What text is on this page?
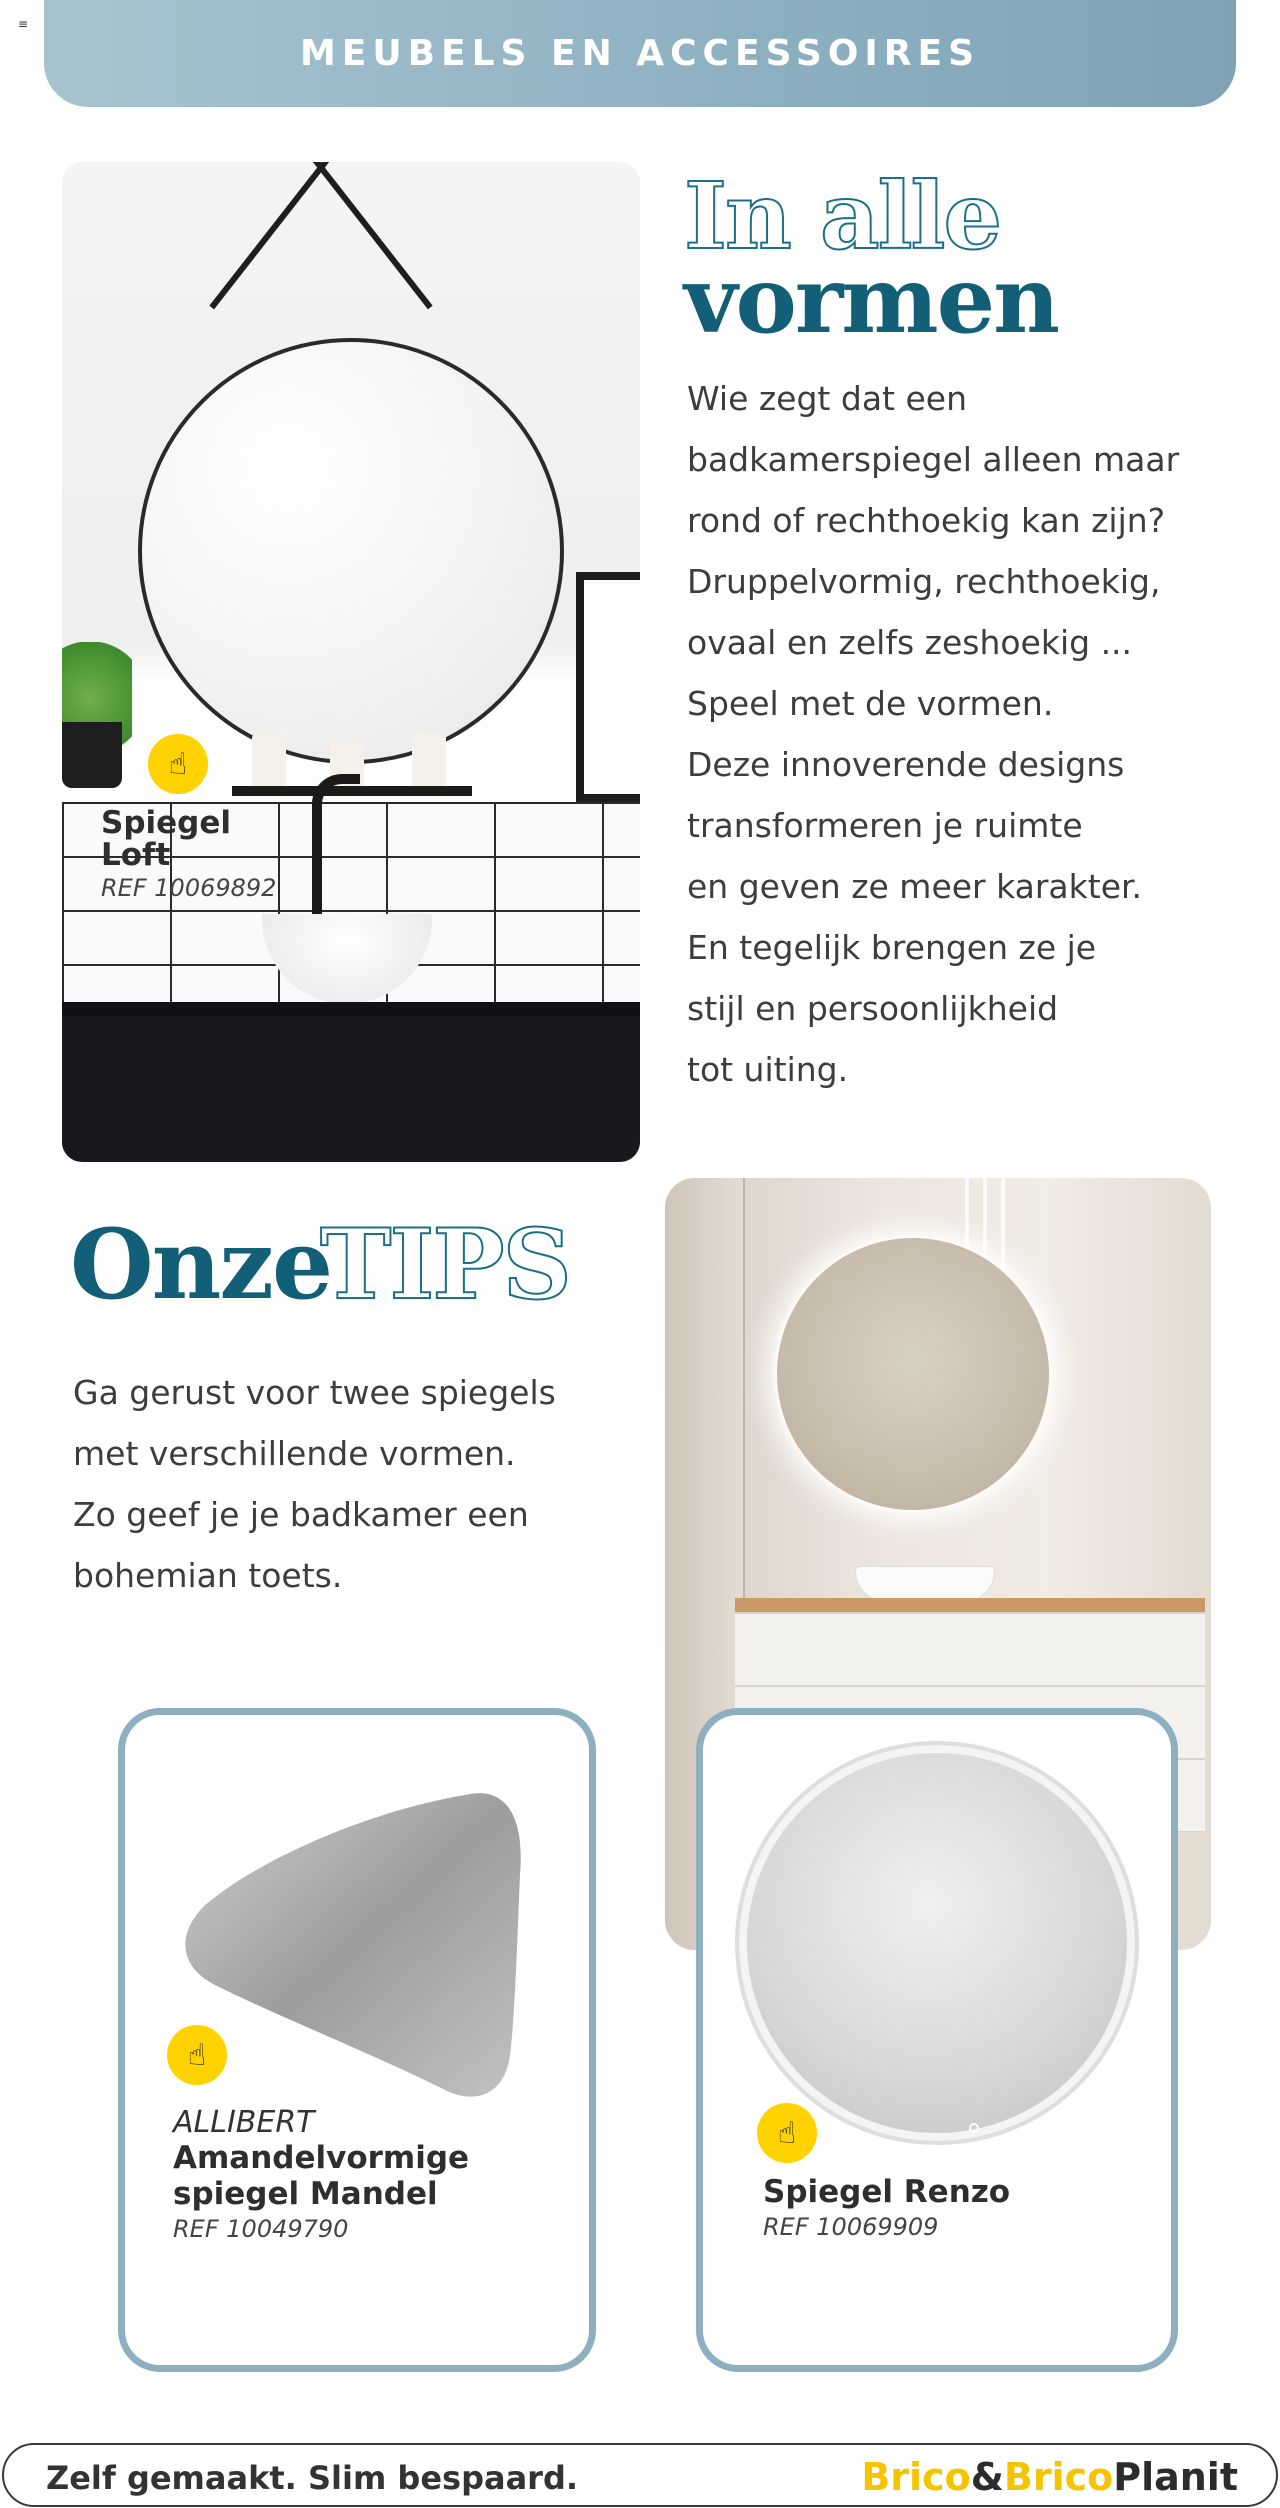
≡
MEUBELS EN ACCESSOIRES
☝
Spiegel
Loft
REF 10069892
In alle
vormen
Wie zegt dat een
badkamerspiegel alleen maar
rond of rechthoekig kan zijn?
Druppelvormig, rechthoekig,
ovaal en zelfs zeshoekig ...
Speel met de vormen.
Deze innoverende designs
transformeren je ruimte
en geven ze meer karakter.
En tegelijk brengen ze je
stijl en persoonlijkheid
tot uiting.
Onze
TIPS
Ga gerust voor twee spiegels
met verschillende vormen.
Zo geef je je badkamer een
bohemian toets.
☝
ALLIBERT
Amandelvormige
spiegel Mandel
REF 10049790
☝
Spiegel Renzo
REF 10069909
Zelf gemaakt. Slim bespaard.	Brico&BricoPlanit
